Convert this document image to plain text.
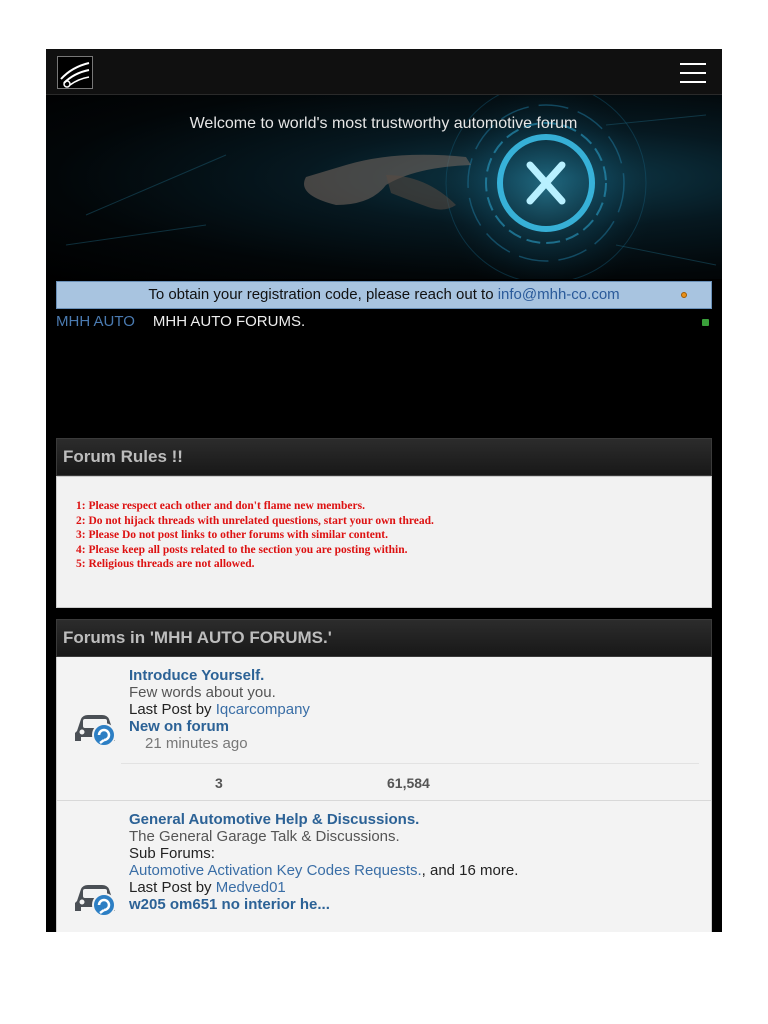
Welcome to world's most trustworthy automotive forum
To obtain your registration code, please reach out to info@mhh-co.com
MHH AUTO MHH AUTO FORUMS.
Forum Rules !!
1: Please respect each other and don't flame new members.
2: Do not hijack threads with unrelated questions, start your own thread.
3: Please Do not post links to other forums with similar content.
4: Please keep all posts related to the section you are posting within.
5: Religious threads are not allowed.
Forums in 'MHH AUTO FORUMS.'
Introduce Yourself.
Few words about you.
Last Post by Iqcarcompany
New on forum
21 minutes ago
3	61,584
General Automotive Help & Discussions.
The General Garage Talk & Discussions.
Sub Forums:
Automotive Activation Key Codes Requests., and 16 more.
Last Post by Medved01
w205 om651 no interior he...
